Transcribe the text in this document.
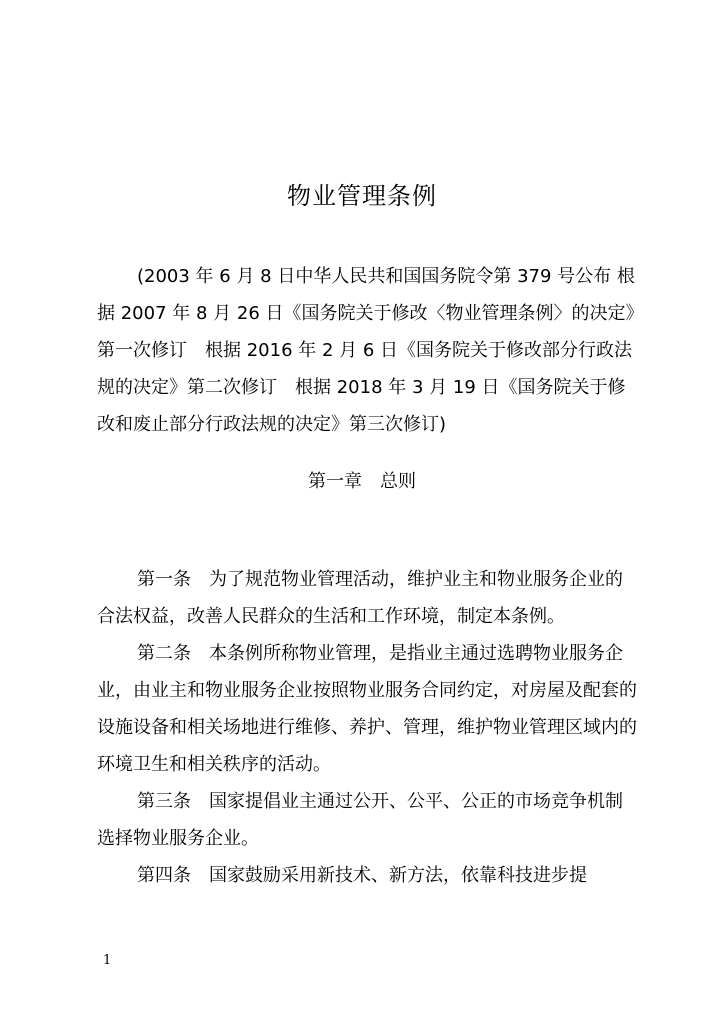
物业管理条例

(2003 年 6 月 8 日中华人民共和国国务院令第 379 号公布 根据 2007 年 8 月 26 日《国务院关于修改〈物业管理条例〉的决定》第一次修订　根据 2016 年 2 月 6 日《国务院关于修改部分行政法规的决定》第二次修订　根据 2018 年 3 月 19 日《国务院关于修改和废止部分行政法规的决定》第三次修订)

第一章　总则

第一条　为了规范物业管理活动，维护业主和物业服务企业的合法权益，改善人民群众的生活和工作环境，制定本条例。

第二条　本条例所称物业管理，是指业主通过选聘物业服务企业，由业主和物业服务企业按照物业服务合同约定，对房屋及配套的设施设备和相关场地进行维修、养护、管理，维护物业管理区域内的环境卫生和相关秩序的活动。

第三条　国家提倡业主通过公开、公平、公正的市场竞争机制选择物业服务企业。

第四条　国家鼓励采用新技术、新方法，依靠科技进步提

1
